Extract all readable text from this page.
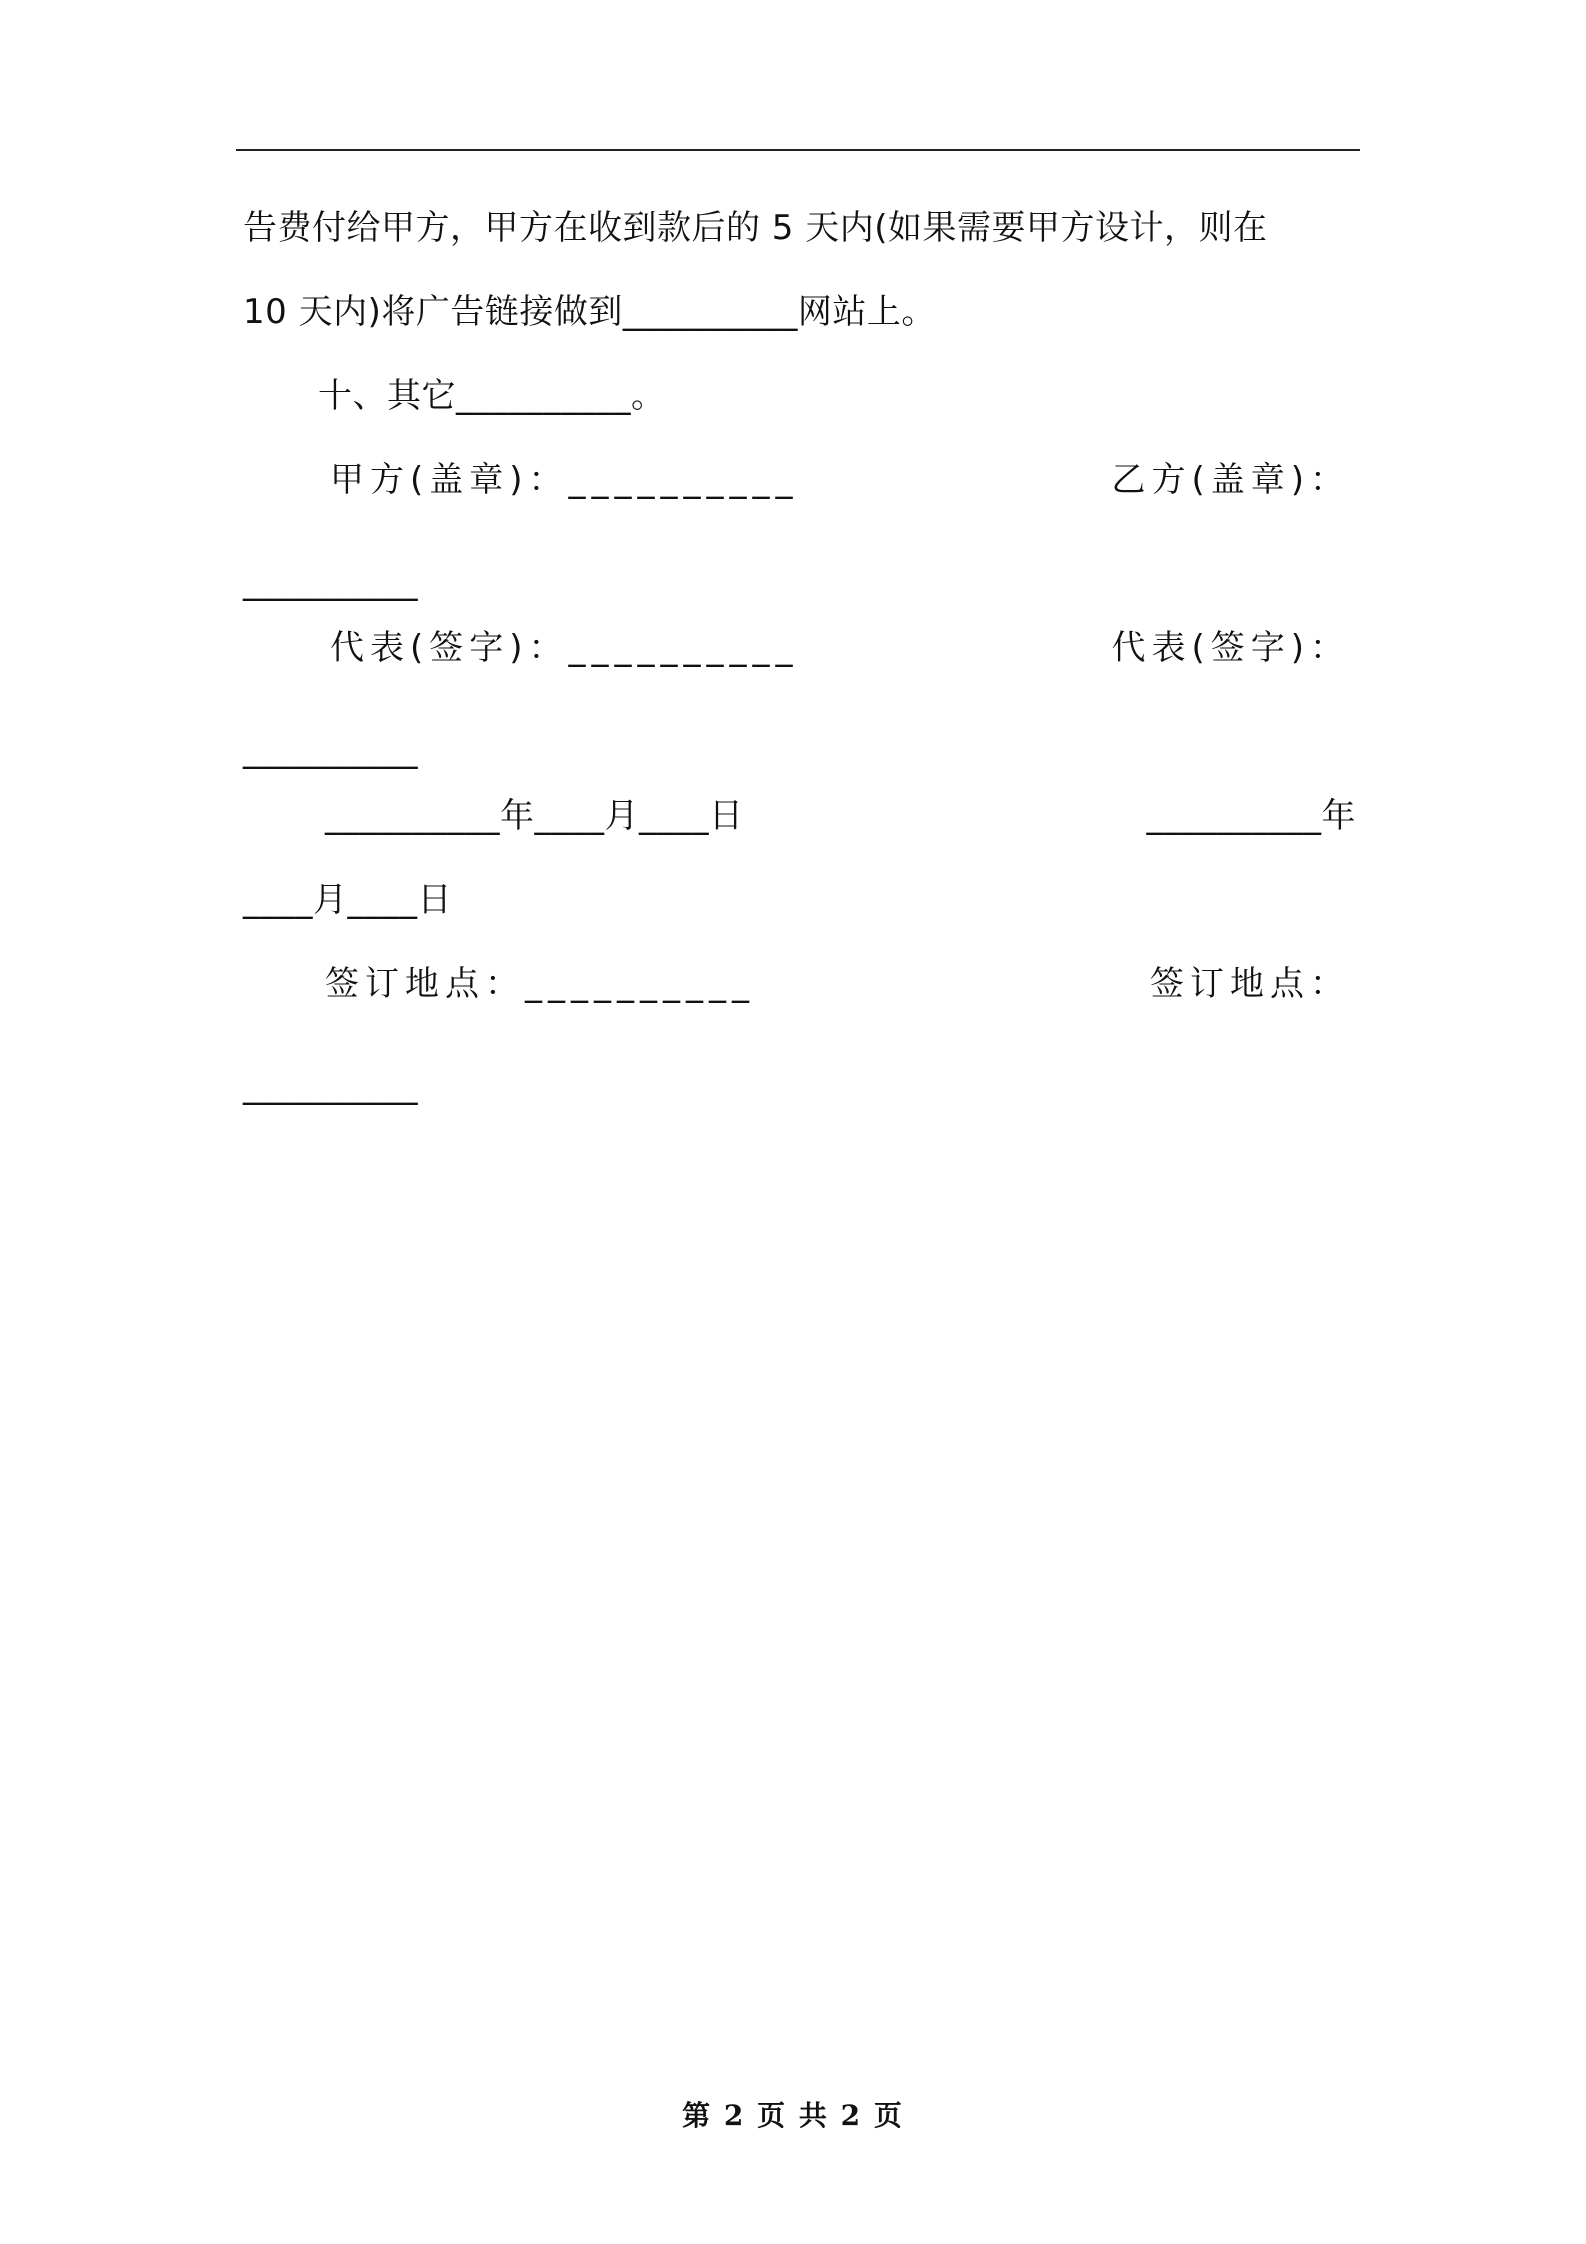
告费付给甲方，甲方在收到款后的 5 天内(如果需要甲方设计，则在
10 天内)将广告链接做到__________网站上。
十、其它__________。
甲方(盖章)：__________	乙方(盖章)：
__________
代表(签字)：__________	代表(签字)：
__________
__________年____月____日	__________年
____月____日
签订地点：__________	签订地点：
__________
第 2 页 共 2 页
